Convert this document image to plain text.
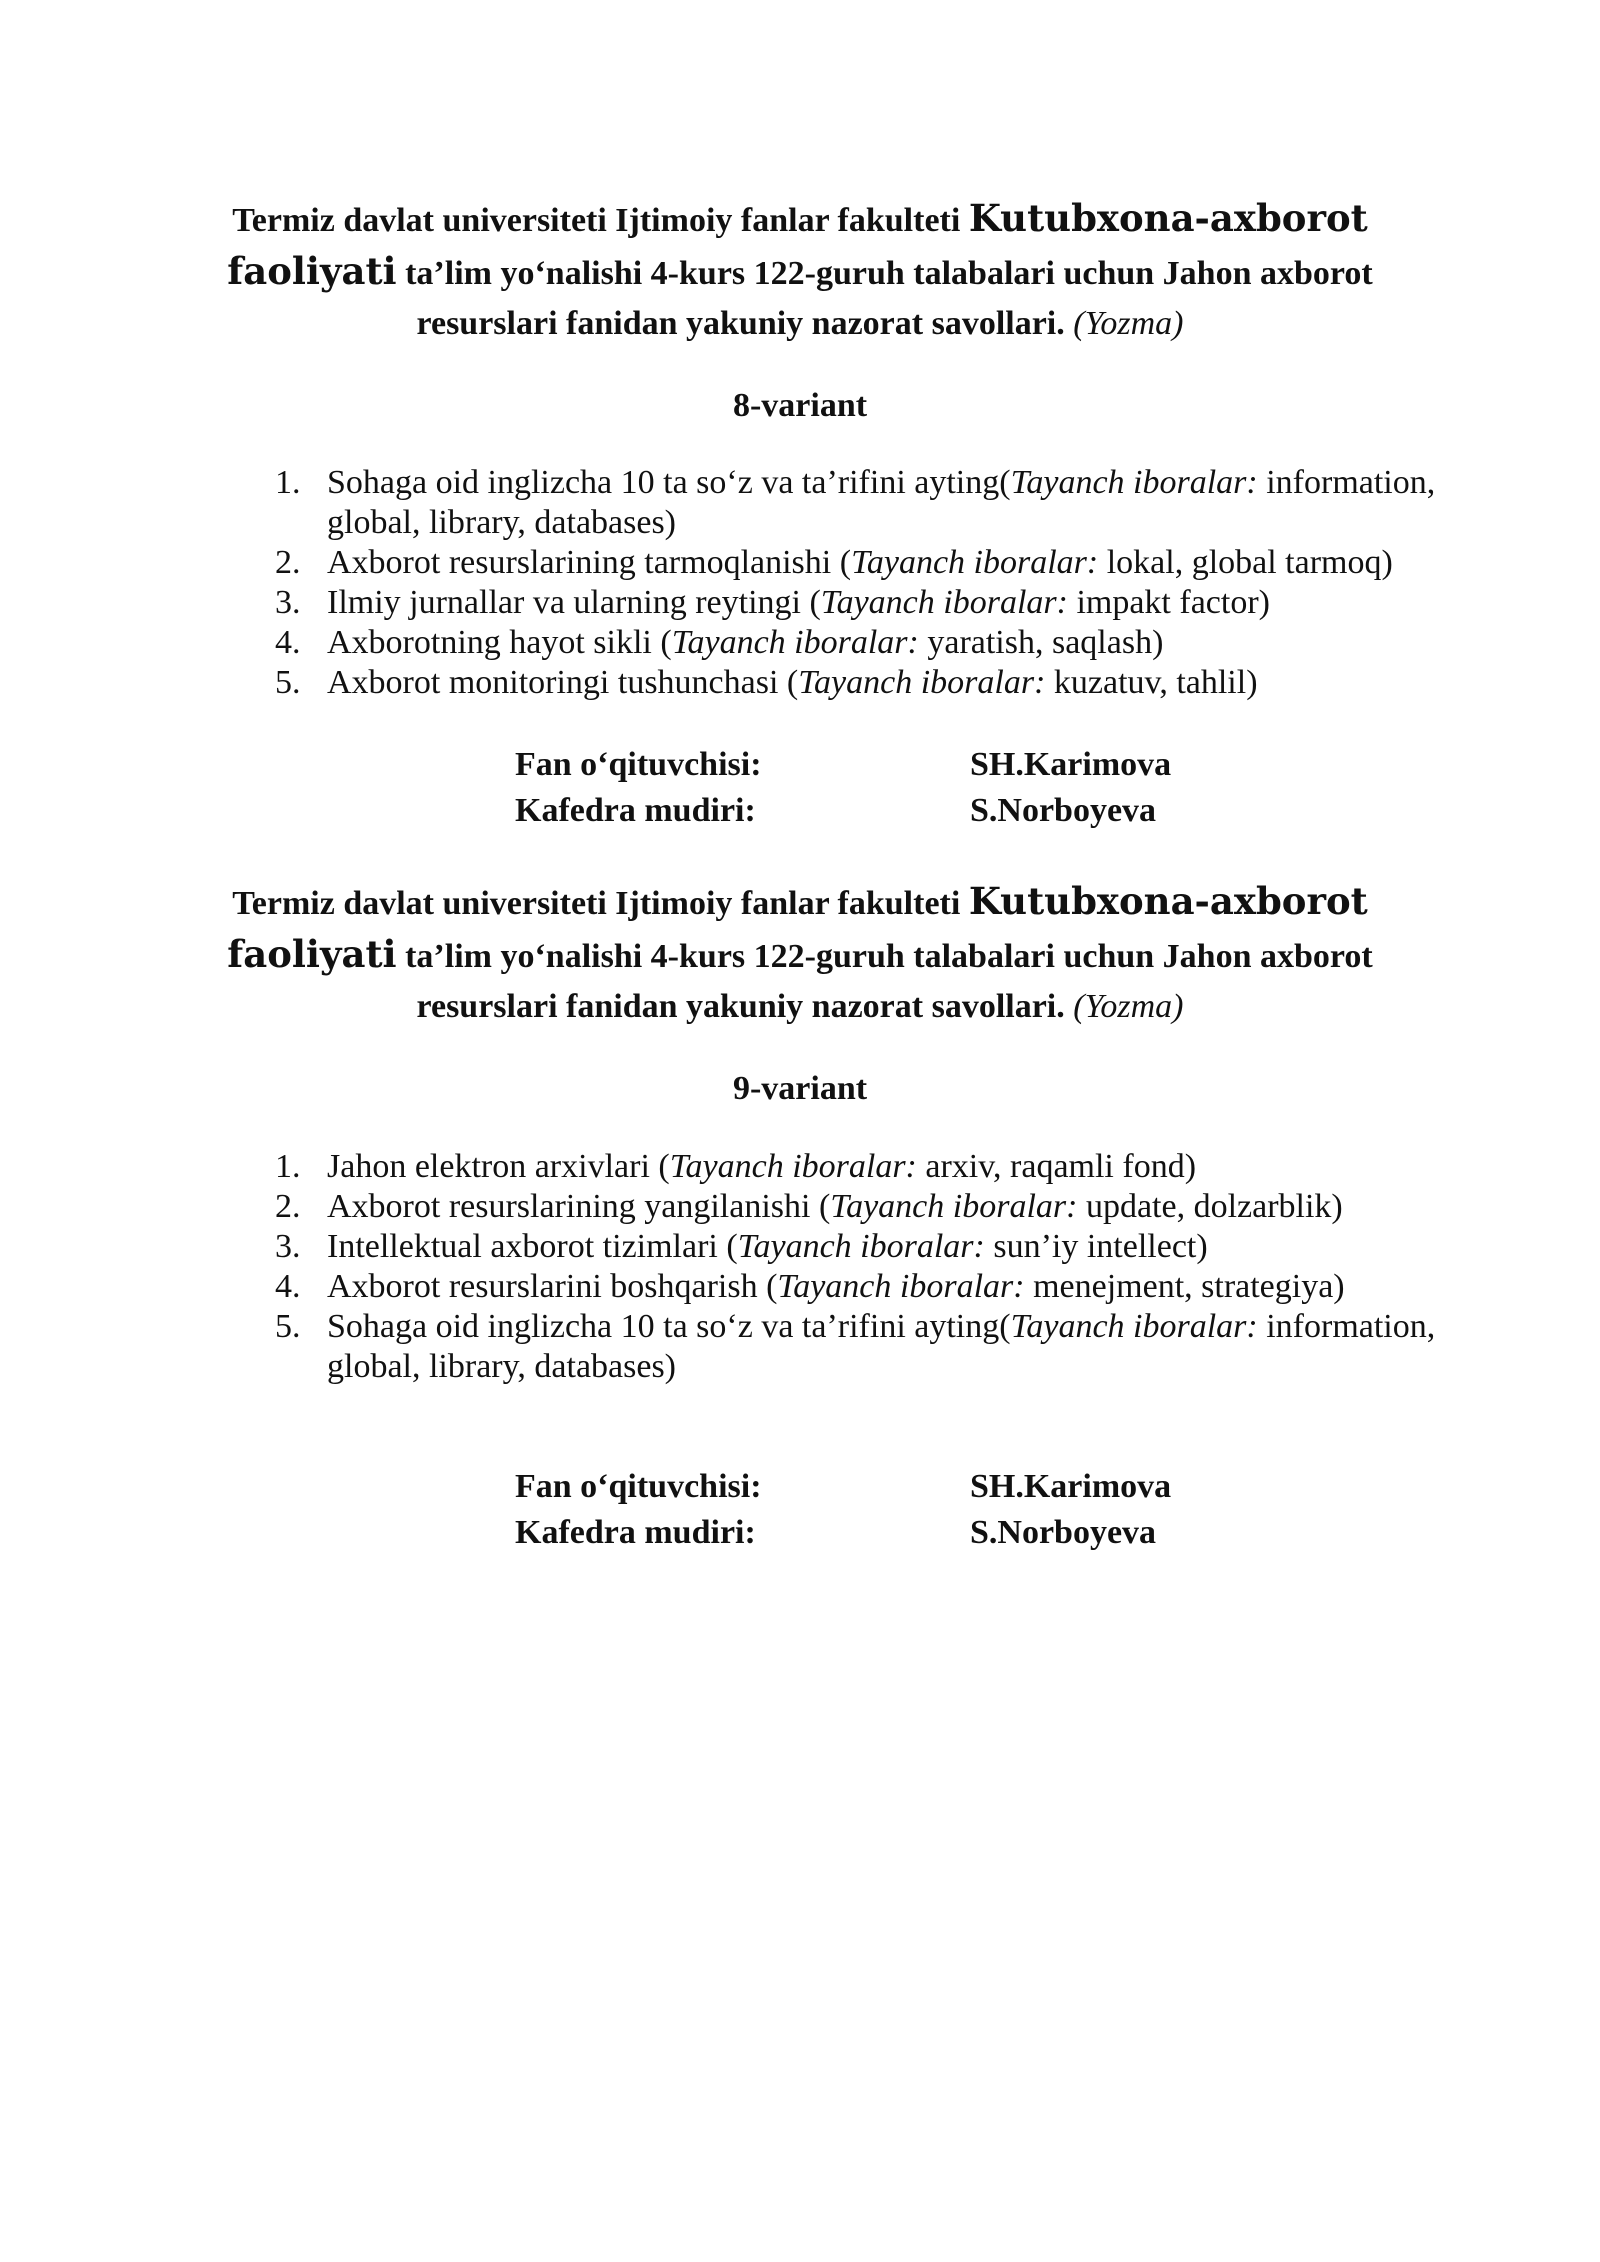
Termiz davlat universiteti Ijtimoiy fanlar fakulteti Kutubxona-axborot faoliyati ta’lim yo‘nalishi 4-kurs 122-guruh talabalari uchun Jahon axborot resurslari fanidan yakuniy nazorat savollari. (Yozma)
8-variant
1. Sohaga oid inglizcha 10 ta so‘z va ta’rifini ayting(Tayanch iboralar: information, global, library, databases)
2. Axborot resurslarining tarmoqlanishi (Tayanch iboralar: lokal, global tarmoq)
3. Ilmiy jurnallar va ularning reytingi (Tayanch iboralar: impakt factor)
4. Axborotning hayot sikli (Tayanch iboralar: yaratish, saqlash)
5. Axborot monitoringi tushunchasi (Tayanch iboralar: kuzatuv, tahlil)
Fan o‘qituvchisi:	SH.Karimova
Kafedra mudiri:	S.Norboyeva
Termiz davlat universiteti Ijtimoiy fanlar fakulteti Kutubxona-axborot faoliyati ta’lim yo‘nalishi 4-kurs 122-guruh talabalari uchun Jahon axborot resurslari fanidan yakuniy nazorat savollari. (Yozma)
9-variant
1. Jahon elektron arxivlari (Tayanch iboralar: arxiv, raqamli fond)
2. Axborot resurslarining yangilanishi (Tayanch iboralar: update, dolzarblik)
3. Intellektual axborot tizimlari (Tayanch iboralar: sun’iy intellect)
4. Axborot resurslarini boshqarish (Tayanch iboralar: menejment, strategiya)
5. Sohaga oid inglizcha 10 ta so‘z va ta’rifini ayting(Tayanch iboralar: information, global, library, databases)
Fan o‘qituvchisi:	SH.Karimova
Kafedra mudiri:	S.Norboyeva
